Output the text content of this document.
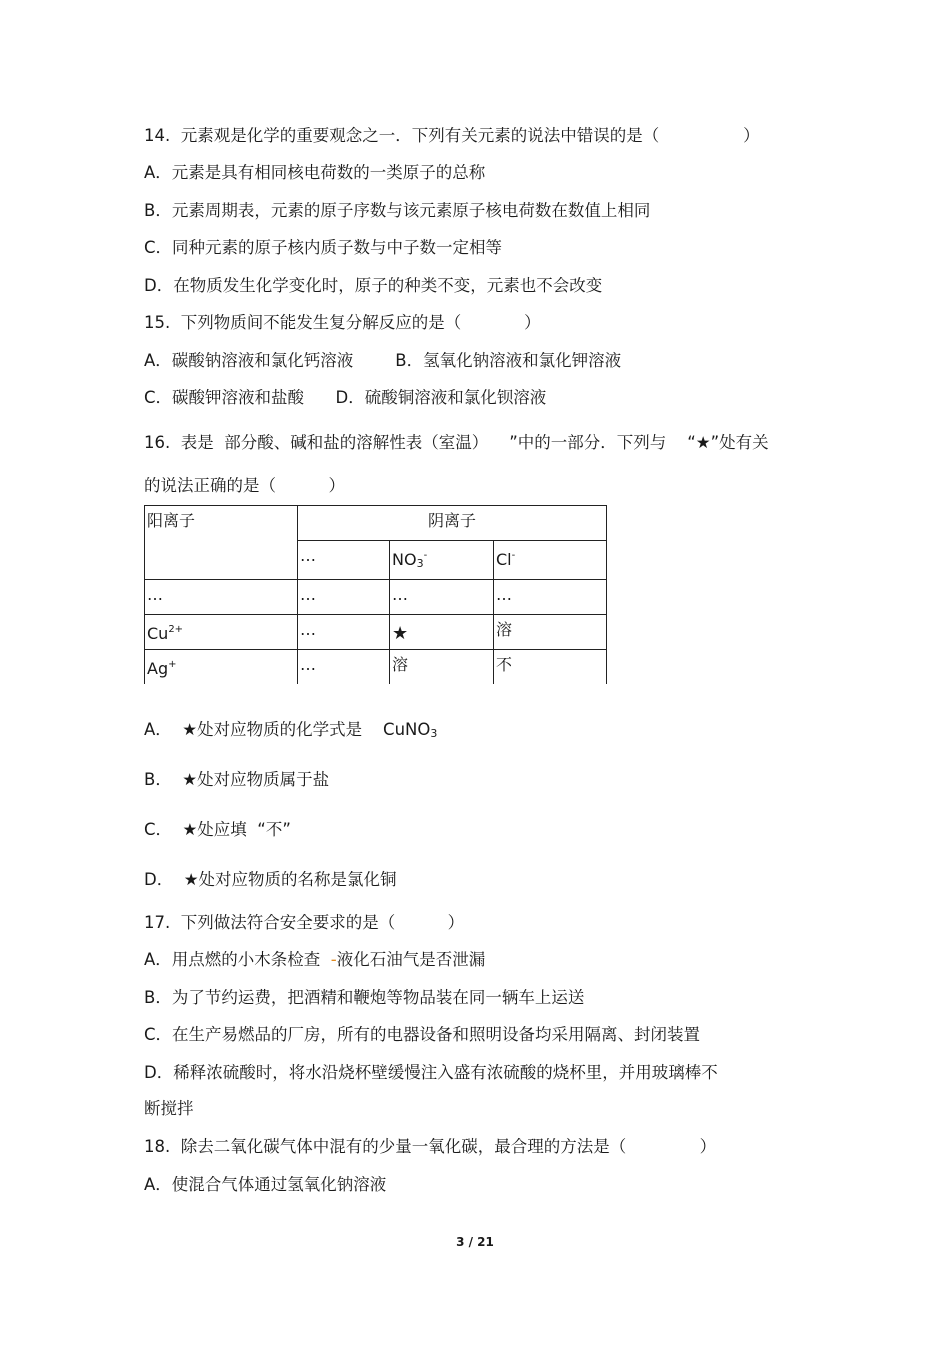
14.  元素观是化学的重要观念之一．下列有关元素的说法中错误的是（                ）
A．元素是具有相同核电荷数的一类原子的总称
B．元素周期表，元素的原子序数与该元素原子核电荷数在数值上相同
C．同种元素的原子核内质子数与中子数一定相等
D．在物质发生化学变化时，原子的种类不变，元素也不会改变
15.  下列物质间不能发生复分解反应的是（            ）
A．碳酸钠溶液和氯化钙溶液        B．氢氧化钠溶液和氯化钾溶液
C．碳酸钾溶液和盐酸      D．硫酸铜溶液和氯化钡溶液
16.  表是  部分酸、碱和盐的溶解性表（室温）    ”中的一部分．下列与    “★”处有关
的说法正确的是（          ）
阳离子	阴离子		
	…	$NO_3^-$	Cl-
…	…	…	…
$Cu^{2+}$	…	★	溶
Ag+	…	溶	不
A．  ★处对应物质的化学式是    CuNO$_3$
B．  ★处对应物质属于盐
C．  ★处应填  “不”
D．  ★处对应物质的名称是氯化铜
17.  下列做法符合安全要求的是（          ）
A．用点燃的小木条检查  -液化石油气是否泄漏
B．为了节约运费，把酒精和鞭炮等物品装在同一辆车上运送
C．在生产易燃品的厂房，所有的电器设备和照明设备均采用隔离、封闭装置
D．稀释浓硫酸时，将水沿烧杯壁缓慢注入盛有浓硫酸的烧杯里，并用玻璃棒不
断搅拌
18.  除去二氧化碳气体中混有的少量一氧化碳，最合理的方法是（              ）
A．使混合气体通过氢氧化钠溶液
3 / 21
